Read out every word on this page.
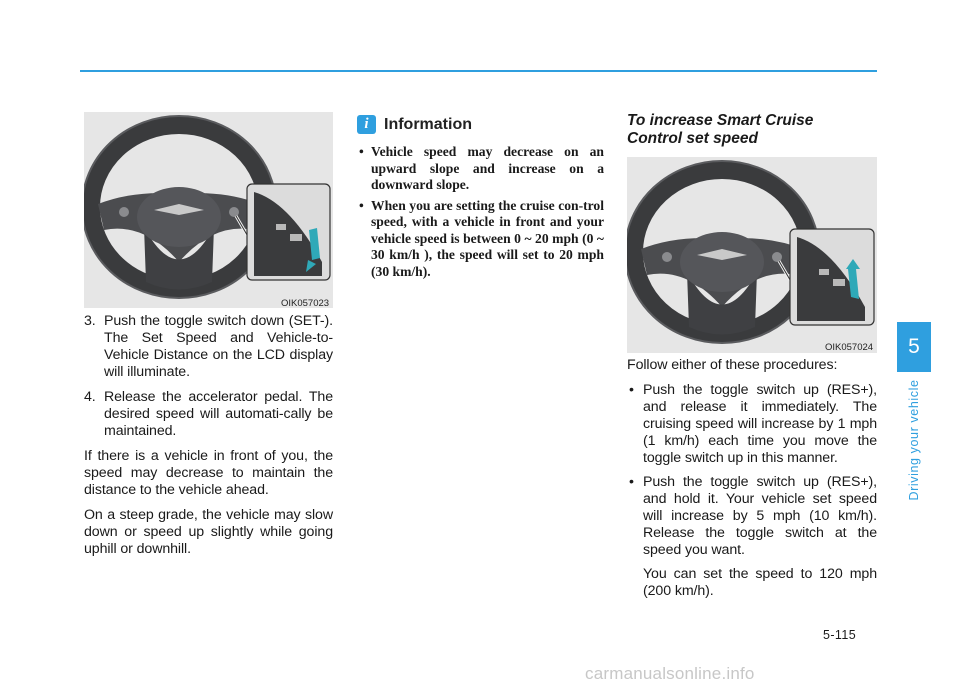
OIK057023
3. Push the toggle switch down (SET-). The Set Speed and Vehicle-to-Vehicle Distance on the LCD display will illuminate.
4. Release the accelerator pedal. The desired speed will automati-cally be maintained.

If there is a vehicle in front of you, the speed may decrease to maintain the distance to the vehicle ahead.

On a steep grade, the vehicle may slow down or speed up slightly while going uphill or downhill.

i Information
• Vehicle speed may decrease on an upward slope and increase on a downward slope.
• When you are setting the cruise con-trol speed, with a vehicle in front and your vehicle speed is between 0 ~ 20 mph (0 ~ 30 km/h ), the speed will set to 20 mph (30 km/h).
To increase Smart Cruise
Control set speed
OIK057024

Follow either of these procedures:

• Push the toggle switch up (RES+), and release it immediately. The cruising speed will increase by 1 mph (1 km/h) each time you move the toggle switch up in this manner.
• Push the toggle switch up (RES+), and hold it. Your vehicle set speed will increase by 5 mph (10 km/h). Release the toggle switch at the speed you want.

You can set the speed to 120 mph (200 km/h).

5
Driving your vehicle
5-115
carmanualsonline.info
